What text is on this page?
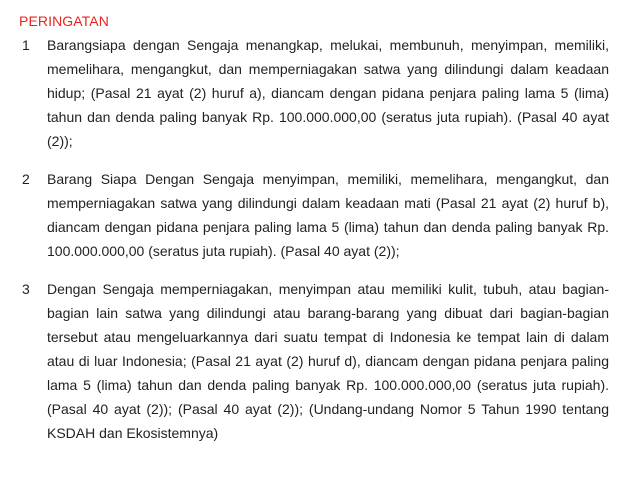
PERINGATAN
1	Barangsiapa dengan Sengaja menangkap, melukai, membunuh, menyimpan, memiliki, memelihara, mengangkut, dan memperniagakan satwa yang dilindungi dalam keadaan hidup; (Pasal 21 ayat (2) huruf a), diancam dengan pidana penjara paling lama 5 (lima) tahun dan denda paling banyak Rp. 100.000.000,00 (seratus juta rupiah). (Pasal 40 ayat (2));
2	Barang Siapa Dengan Sengaja menyimpan, memiliki, memelihara, mengangkut, dan memperniagakan satwa yang dilindungi dalam keadaan mati (Pasal 21 ayat (2) huruf b), diancam dengan pidana penjara paling lama 5 (lima) tahun dan denda paling banyak Rp. 100.000.000,00 (seratus juta rupiah). (Pasal 40 ayat (2));
3	Dengan Sengaja memperniagakan, menyimpan atau memiliki kulit, tubuh, atau bagian-bagian lain satwa yang dilindungi atau barang-barang yang dibuat dari bagian-bagian tersebut atau mengeluarkannya dari suatu tempat di Indonesia ke tempat lain di dalam atau di luar Indonesia; (Pasal 21 ayat (2) huruf d), diancam dengan pidana penjara paling lama 5 (lima) tahun dan denda paling banyak Rp. 100.000.000,00 (seratus juta rupiah). (Pasal 40 ayat (2)); (Pasal 40 ayat (2)); (Undang-undang Nomor 5 Tahun 1990 tentang KSDAH dan Ekosistemnya)
